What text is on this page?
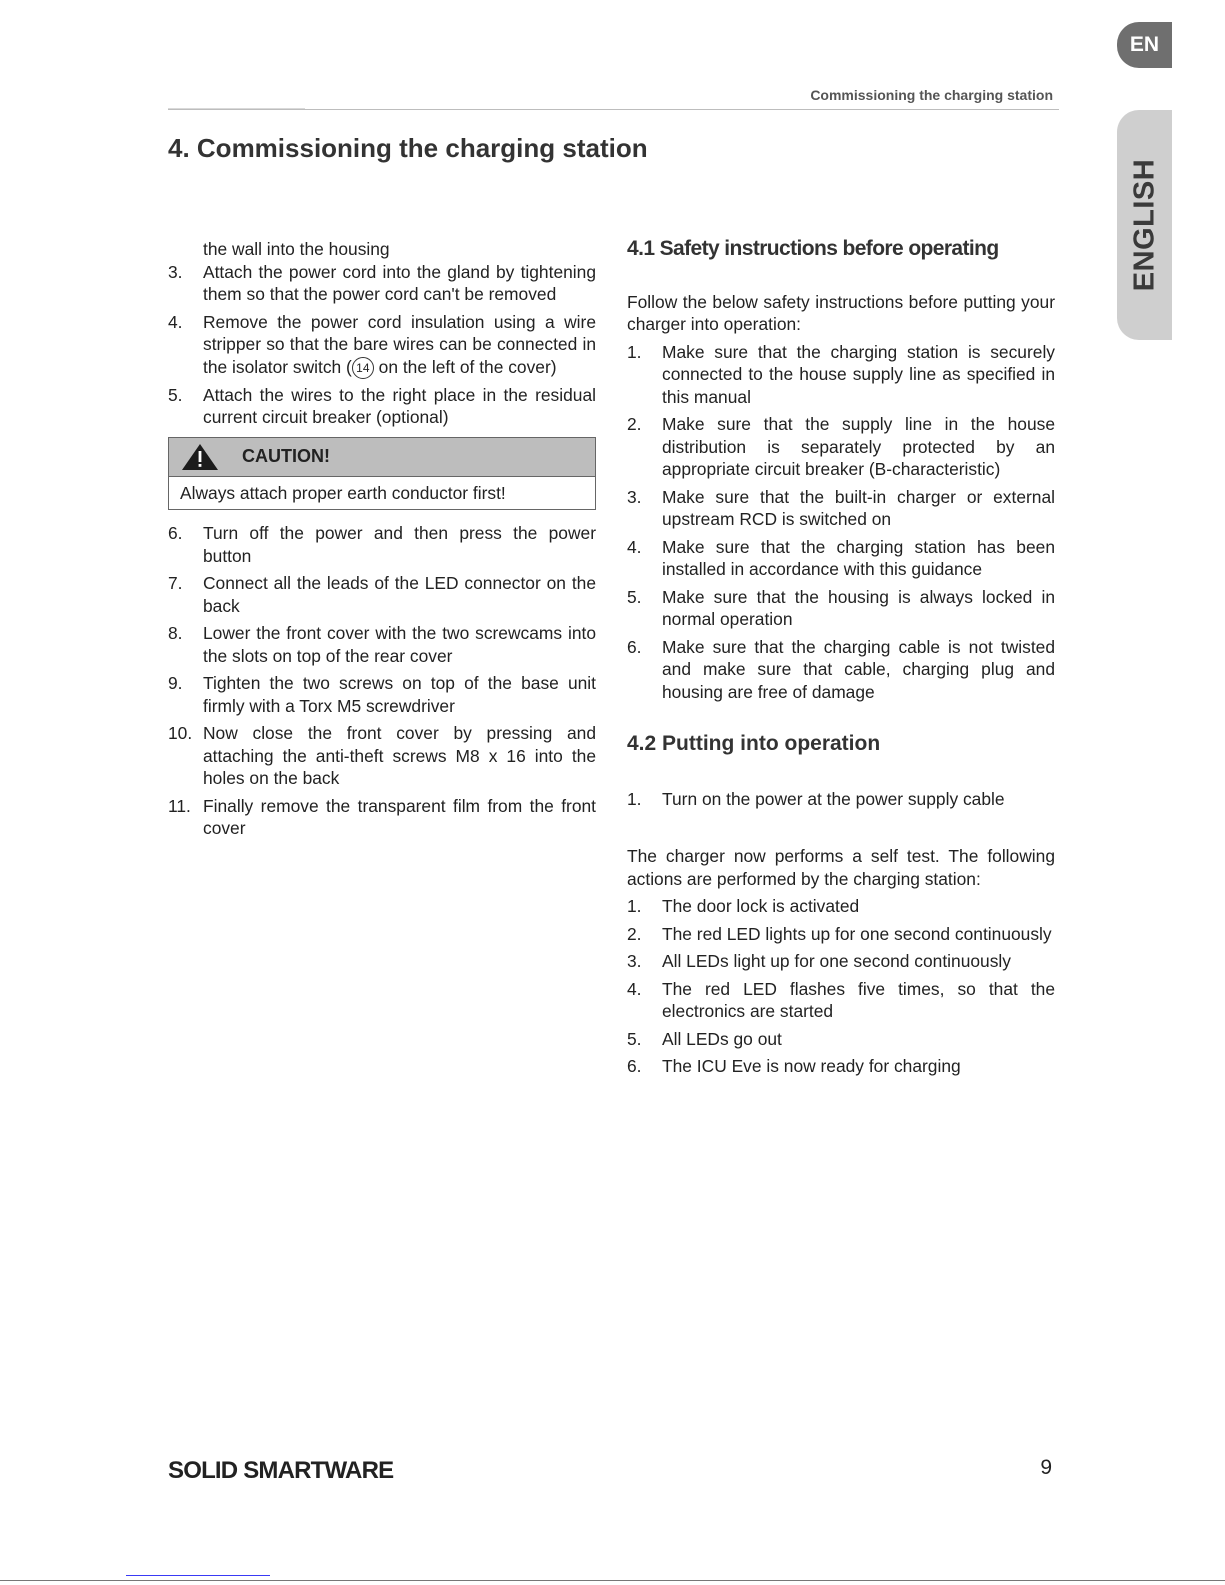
EN
ENGLISH
Commissioning the charging station
4. Commissioning the charging station
the wall into the housing
3. Attach the power cord into the gland by tightening them so that the power cord can't be removed
4. Remove the power cord insulation using a wire stripper so that the bare wires can be connected in the isolator switch ( 14 on the left of the cover)
5. Attach the wires to the right place in the residual current circuit breaker (optional)
CAUTION!
Always attach proper earth conductor first!
6. Turn off the power and then press the power button
7. Connect all the leads of the LED connector on the back
8. Lower the front cover with the two screwcams into the slots on top of the rear cover
9. Tighten the two screws on top of the base unit firmly with a Torx M5 screwdriver
10. Now close the front cover by pressing and attaching the anti-theft screws M8 x 16 into the holes on the back
11. Finally remove the transparent film from the front cover
4.1 Safety instructions before operating

Follow the below safety instructions before putting your charger into operation:

1. Make sure that the charging station is securely connected to the house supply line as specified in this manual
2. Make sure that the supply line in the house distribution is separately protected by an appropriate circuit breaker (B-characteristic)
3. Make sure that the built-in charger or external upstream RCD is switched on
4. Make sure that the charging station has been installed in accordance with this guidance
5. Make sure that the housing is always locked in normal operation
6. Make sure that the charging cable is not twisted and make sure that cable, charging plug and housing are free of damage
4.2 Putting into operation
1. Turn on the power at the power supply cable

The charger now performs a self test. The following actions are performed by the charging station:

1. The door lock is activated
2. The red LED lights up for one second continuously
3. All LEDs light up for one second continuously
4. The red LED flashes five times, so that the electronics are started
5. All LEDs go out
6. The ICU Eve is now ready for charging
SOLID SMARTWARE	9
